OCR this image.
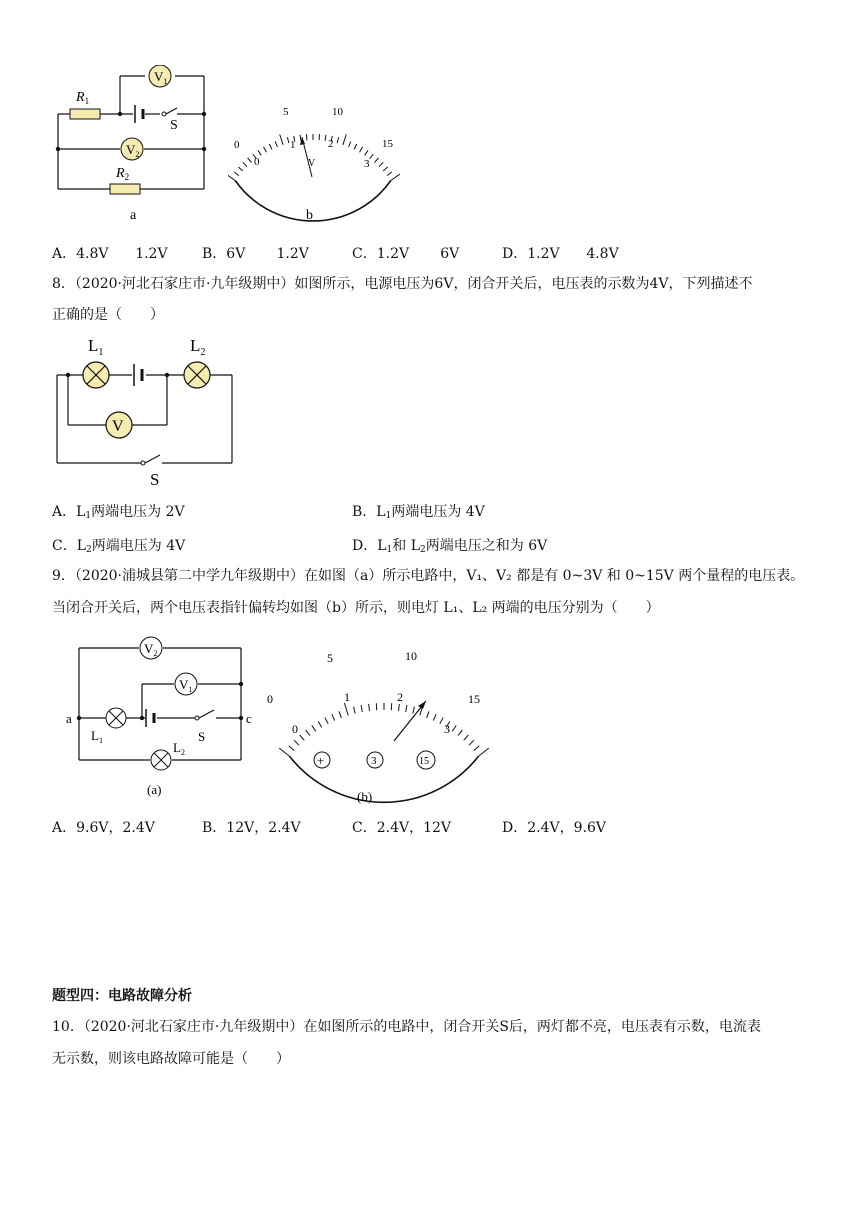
$V_1$
$V_2$
$R_1$
$R_2$
S
a
0
5	10
15
0
1	2
3
V
b
A．4.8V 1.2V B．6V 1.2V	C．1.2V 6V	D．1.2V 4.8V
8．（2020·河北石家庄市·九年级期中）如图所示，电源电压为6V，闭合开关后，电压表的示数为4V，下列描述不
正确的是（　　）
V
$L_1$	$L_2$
S
A．$L_1$两端电压为 2V	B．$L_1$两端电压为 4V
C．$L_2$两端电压为 4V	D．$L_1$和 $L_2$两端电压之和为 6V
9．（2020·浦城县第二中学九年级期中）在如图（a）所示电路中，V₁、V₂ 都是有 0~3V 和 0~15V 两个量程的电压表。
当闭合开关后，两个电压表指针偏转均如图（b）所示，则电灯 L₁、L₂ 两端的电压分别为（　　）
$V_2$
$V_1$
$L_1$	$L_2$
S
a	c
(a)
0
5	10
15
0
1	2
3
+	3	15
(b)
A．9.6V，2.4V	B．12V，2.4V	C．2.4V，12V	D．2.4V，9.6V
题型四：电路故障分析
10．（2020·河北石家庄市·九年级期中）在如图所示的电路中，闭合开关S后，两灯都不亮，电压表有示数，电流表
无示数，则该电路故障可能是（　　）
